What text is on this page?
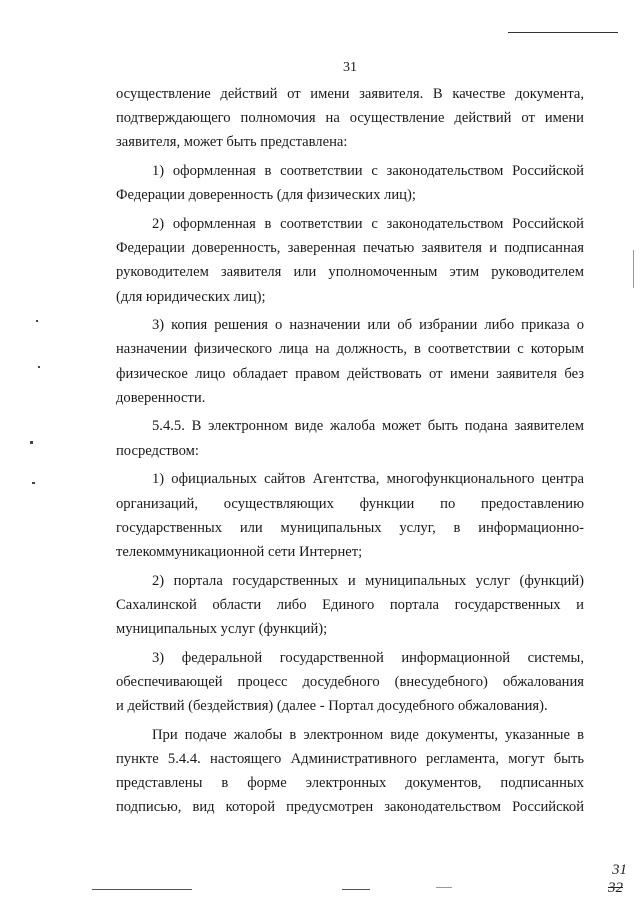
31
осуществление действий от имени заявителя. В качестве документа,
подтверждающего полномочия на осуществление действий от имени
заявителя, может быть представлена:
1) оформленная в соответствии с законодательством Российской
Федерации доверенность (для физических лиц);
2) оформленная в соответствии с законодательством Российской
Федерации доверенность, заверенная печатью заявителя и подписанная
руководителем заявителя или уполномоченным этим руководителем
(для юридических лиц);
3) копия решения о назначении или об избрании либо приказа о
назначении физического лица на должность, в соответствии с которым
физическое лицо обладает правом действовать от имени заявителя без
доверенности.
5.4.5. В электронном виде жалоба может быть подана заявителем
посредством:
1) официальных сайтов Агентства, многофункционального центра
организаций, осуществляющих функции по предоставлению
государственных или муниципальных услуг, в информационно-
телекоммуникационной сети Интернет;
2) портала государственных и муниципальных услуг (функций)
Сахалинской области либо Единого портала государственных и
муниципальных услуг (функций);
3) федеральной государственной информационной системы,
обеспечивающей процесс досудебного (внесудебного) обжалования
и действий (бездействия) (далее - Портал досудебного обжалования).
При подаче жалобы в электронном виде документы, указанные в
пункте 5.4.4. настоящего Административного регламента, могут быть
представлены в форме электронных документов, подписанных
подписью, вид которой предусмотрен законодательством Российской
31
32
